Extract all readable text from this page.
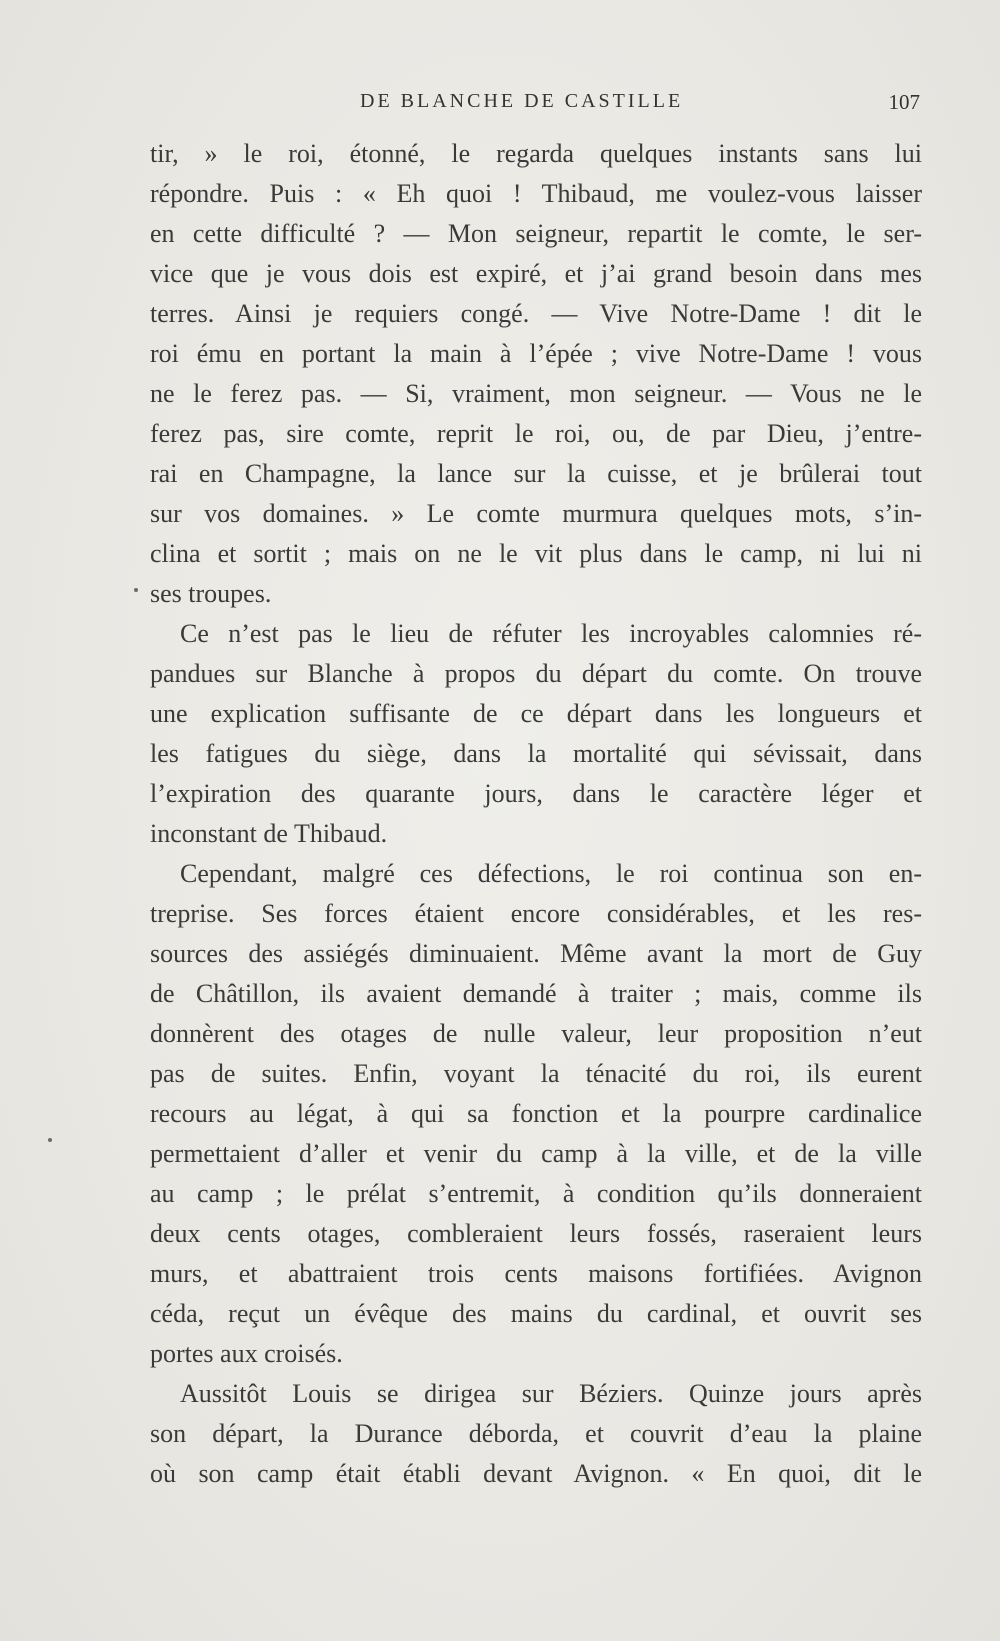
DE BLANCHE DE CASTILLE	107
tir, » le roi, étonné, le regarda quelques instants sans lui
répondre. Puis : « Eh quoi ! Thibaud, me voulez-vous laisser
en cette difficulté ? — Mon seigneur, repartit le comte, le ser-
vice que je vous dois est expiré, et j’ai grand besoin dans mes
terres. Ainsi je requiers congé. — Vive Notre-Dame ! dit le
roi ému en portant la main à l’épée ; vive Notre-Dame ! vous
ne le ferez pas. — Si, vraiment, mon seigneur. — Vous ne le
ferez pas, sire comte, reprit le roi, ou, de par Dieu, j’entre-
rai en Champagne, la lance sur la cuisse, et je brûlerai tout
sur vos domaines. » Le comte murmura quelques mots, s’in-
clina et sortit ; mais on ne le vit plus dans le camp, ni lui ni
ses troupes.
Ce n’est pas le lieu de réfuter les incroyables calomnies ré-
pandues sur Blanche à propos du départ du comte. On trouve
une explication suffisante de ce départ dans les longueurs et
les fatigues du siège, dans la mortalité qui sévissait, dans
l’expiration des quarante jours, dans le caractère léger et
inconstant de Thibaud.
Cependant, malgré ces défections, le roi continua son en-
treprise. Ses forces étaient encore considérables, et les res-
sources des assiégés diminuaient. Même avant la mort de Guy
de Châtillon, ils avaient demandé à traiter ; mais, comme ils
donnèrent des otages de nulle valeur, leur proposition n’eut
pas de suites. Enfin, voyant la ténacité du roi, ils eurent
recours au légat, à qui sa fonction et la pourpre cardinalice
permettaient d’aller et venir du camp à la ville, et de la ville
au camp ; le prélat s’entremit, à condition qu’ils donneraient
deux cents otages, combleraient leurs fossés, raseraient leurs
murs, et abattraient trois cents maisons fortifiées. Avignon
céda, reçut un évêque des mains du cardinal, et ouvrit ses
portes aux croisés.
Aussitôt Louis se dirigea sur Béziers. Quinze jours après
son départ, la Durance déborda, et couvrit d’eau la plaine
où son camp était établi devant Avignon. « En quoi, dit le
